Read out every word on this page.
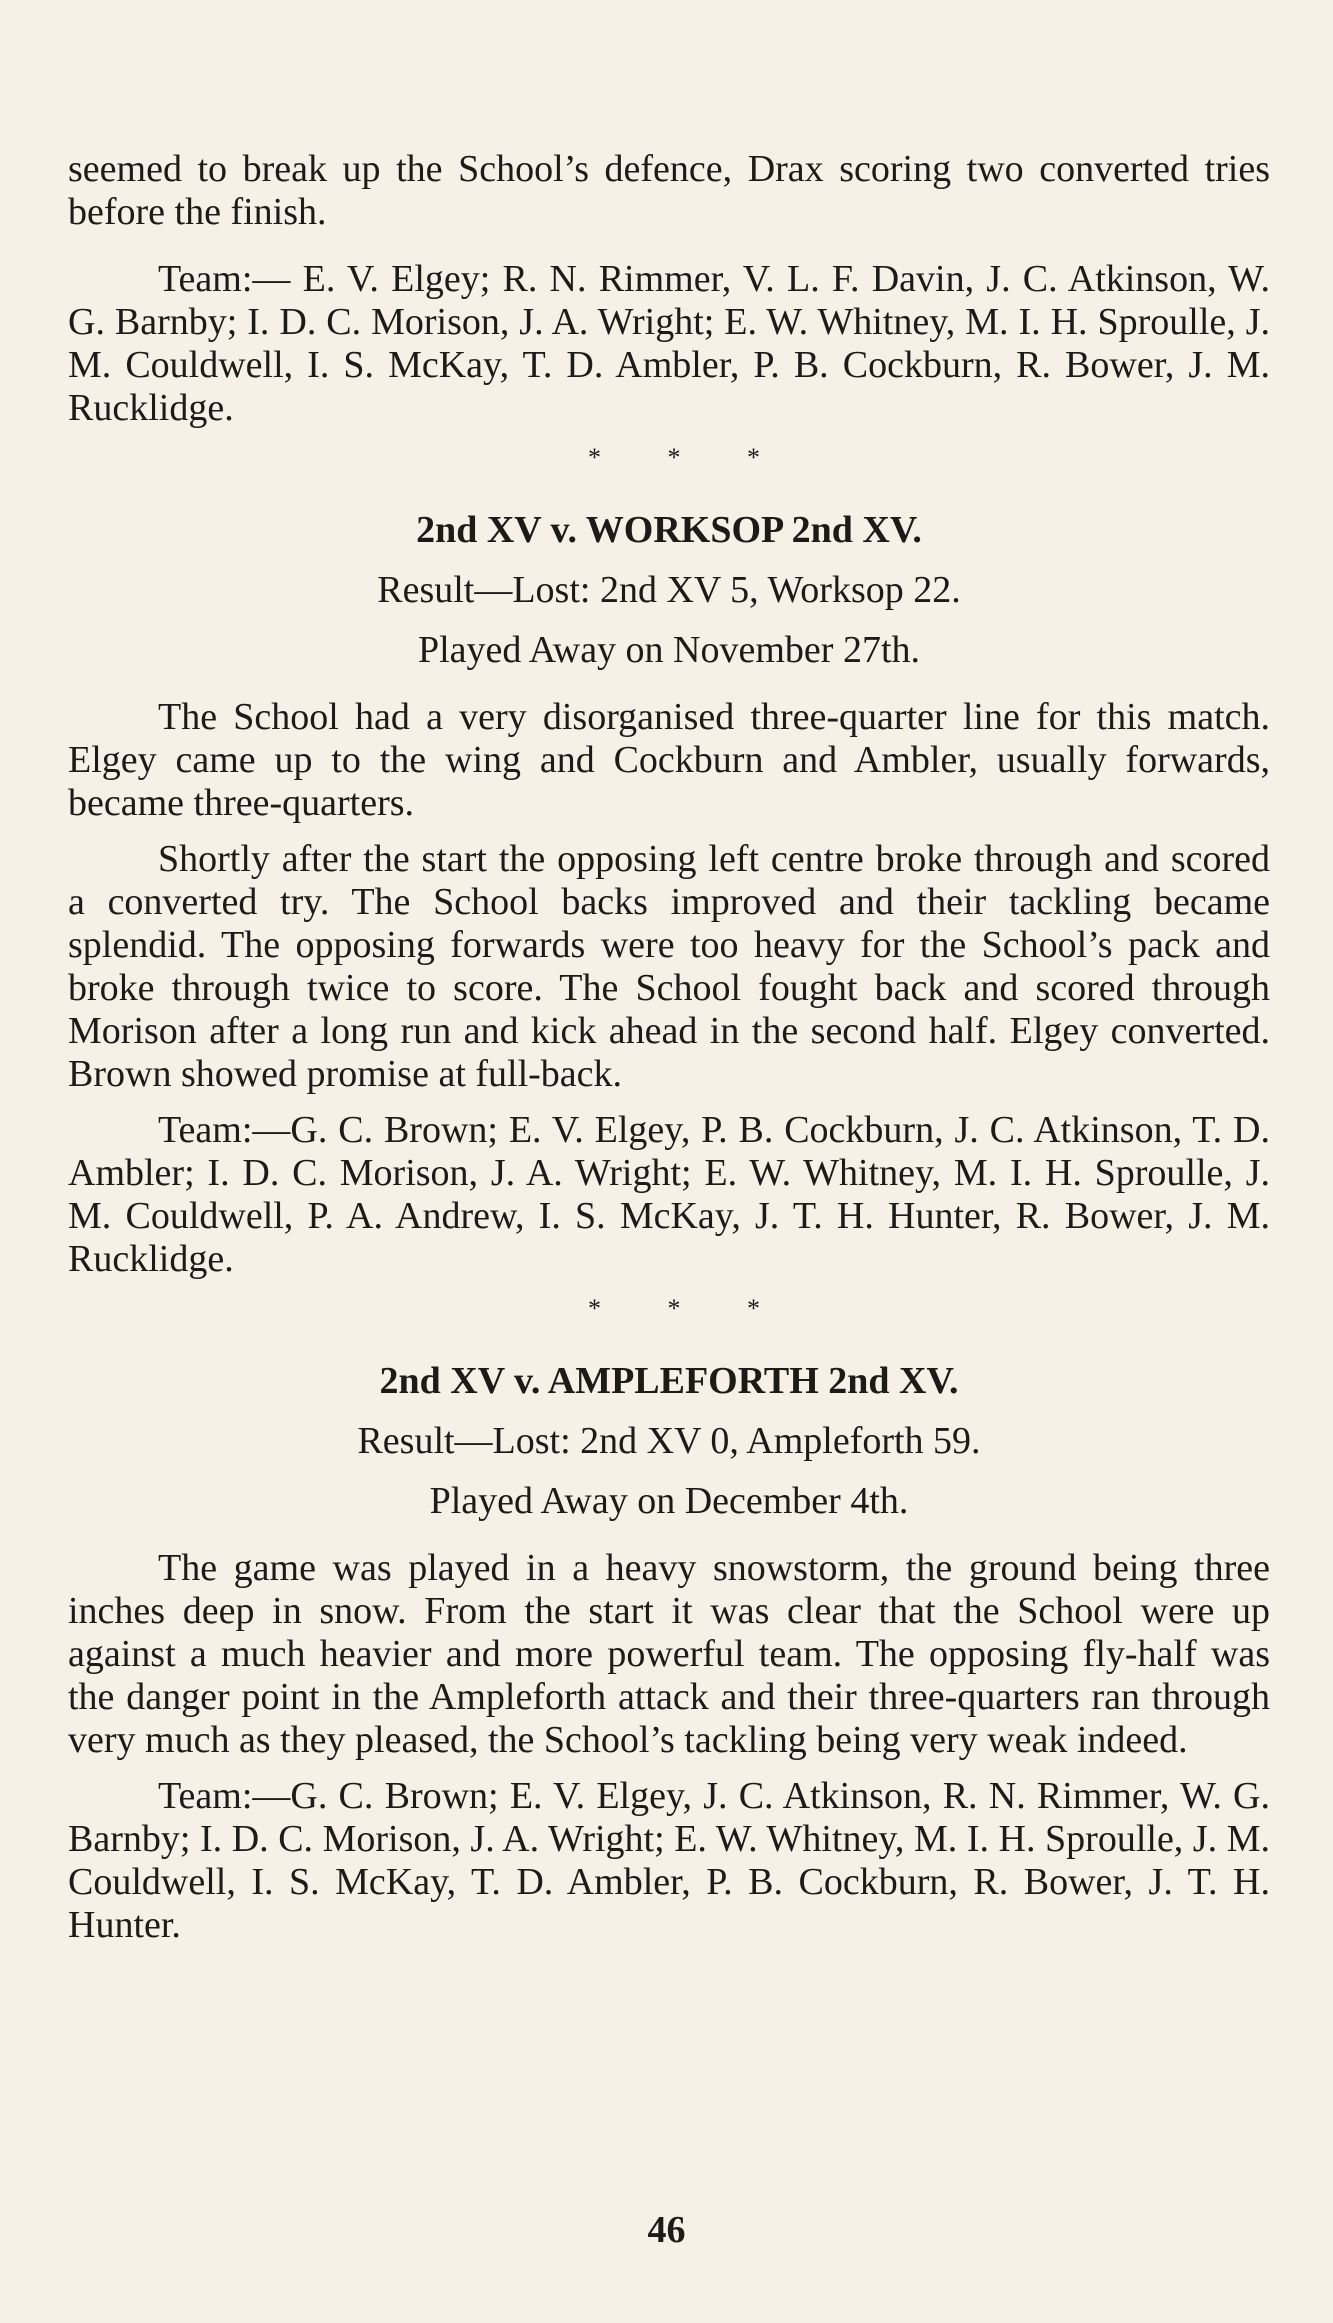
seemed to break up the School’s defence, Drax scoring two converted tries before the finish.

Team:— E. V. Elgey; R. N. Rimmer, V. L. F. Davin, J. C. Atkinson, W. G. Barnby; I. D. C. Morison, J. A. Wright; E. W. Whitney, M. I. H. Sproulle, J. M. Couldwell, I. S. McKay, T. D. Ambler, P. B. Cockburn, R. Bower, J. M. Rucklidge.

* * *
2nd XV v. WORKSOP 2nd XV.
Result—Lost: 2nd XV 5, Worksop 22.
Played Away on November 27th.

The School had a very disorganised three-quarter line for this match. Elgey came up to the wing and Cockburn and Ambler, usually forwards, became three-quarters.

Shortly after the start the opposing left centre broke through and scored a converted try. The School backs improved and their tackling became splendid. The opposing forwards were too heavy for the School’s pack and broke through twice to score. The School fought back and scored through Morison after a long run and kick ahead in the second half. Elgey converted. Brown showed promise at full-back.

Team:—G. C. Brown; E. V. Elgey, P. B. Cockburn, J. C. Atkinson, T. D. Ambler; I. D. C. Morison, J. A. Wright; E. W. Whitney, M. I. H. Sproulle, J. M. Couldwell, P. A. Andrew, I. S. McKay, J. T. H. Hunter, R. Bower, J. M. Rucklidge.

* * *
2nd XV v. AMPLEFORTH 2nd XV.
Result—Lost: 2nd XV 0, Ampleforth 59.
Played Away on December 4th.

The game was played in a heavy snowstorm, the ground being three inches deep in snow. From the start it was clear that the School were up against a much heavier and more powerful team. The opposing fly-half was the danger point in the Ampleforth attack and their three-quarters ran through very much as they pleased, the School’s tackling being very weak indeed.

Team:—G. C. Brown; E. V. Elgey, J. C. Atkinson, R. N. Rimmer, W. G. Barnby; I. D. C. Morison, J. A. Wright; E. W. Whitney, M. I. H. Sproulle, J. M. Couldwell, I. S. McKay, T. D. Ambler, P. B. Cockburn, R. Bower, J. T. H. Hunter.

46
